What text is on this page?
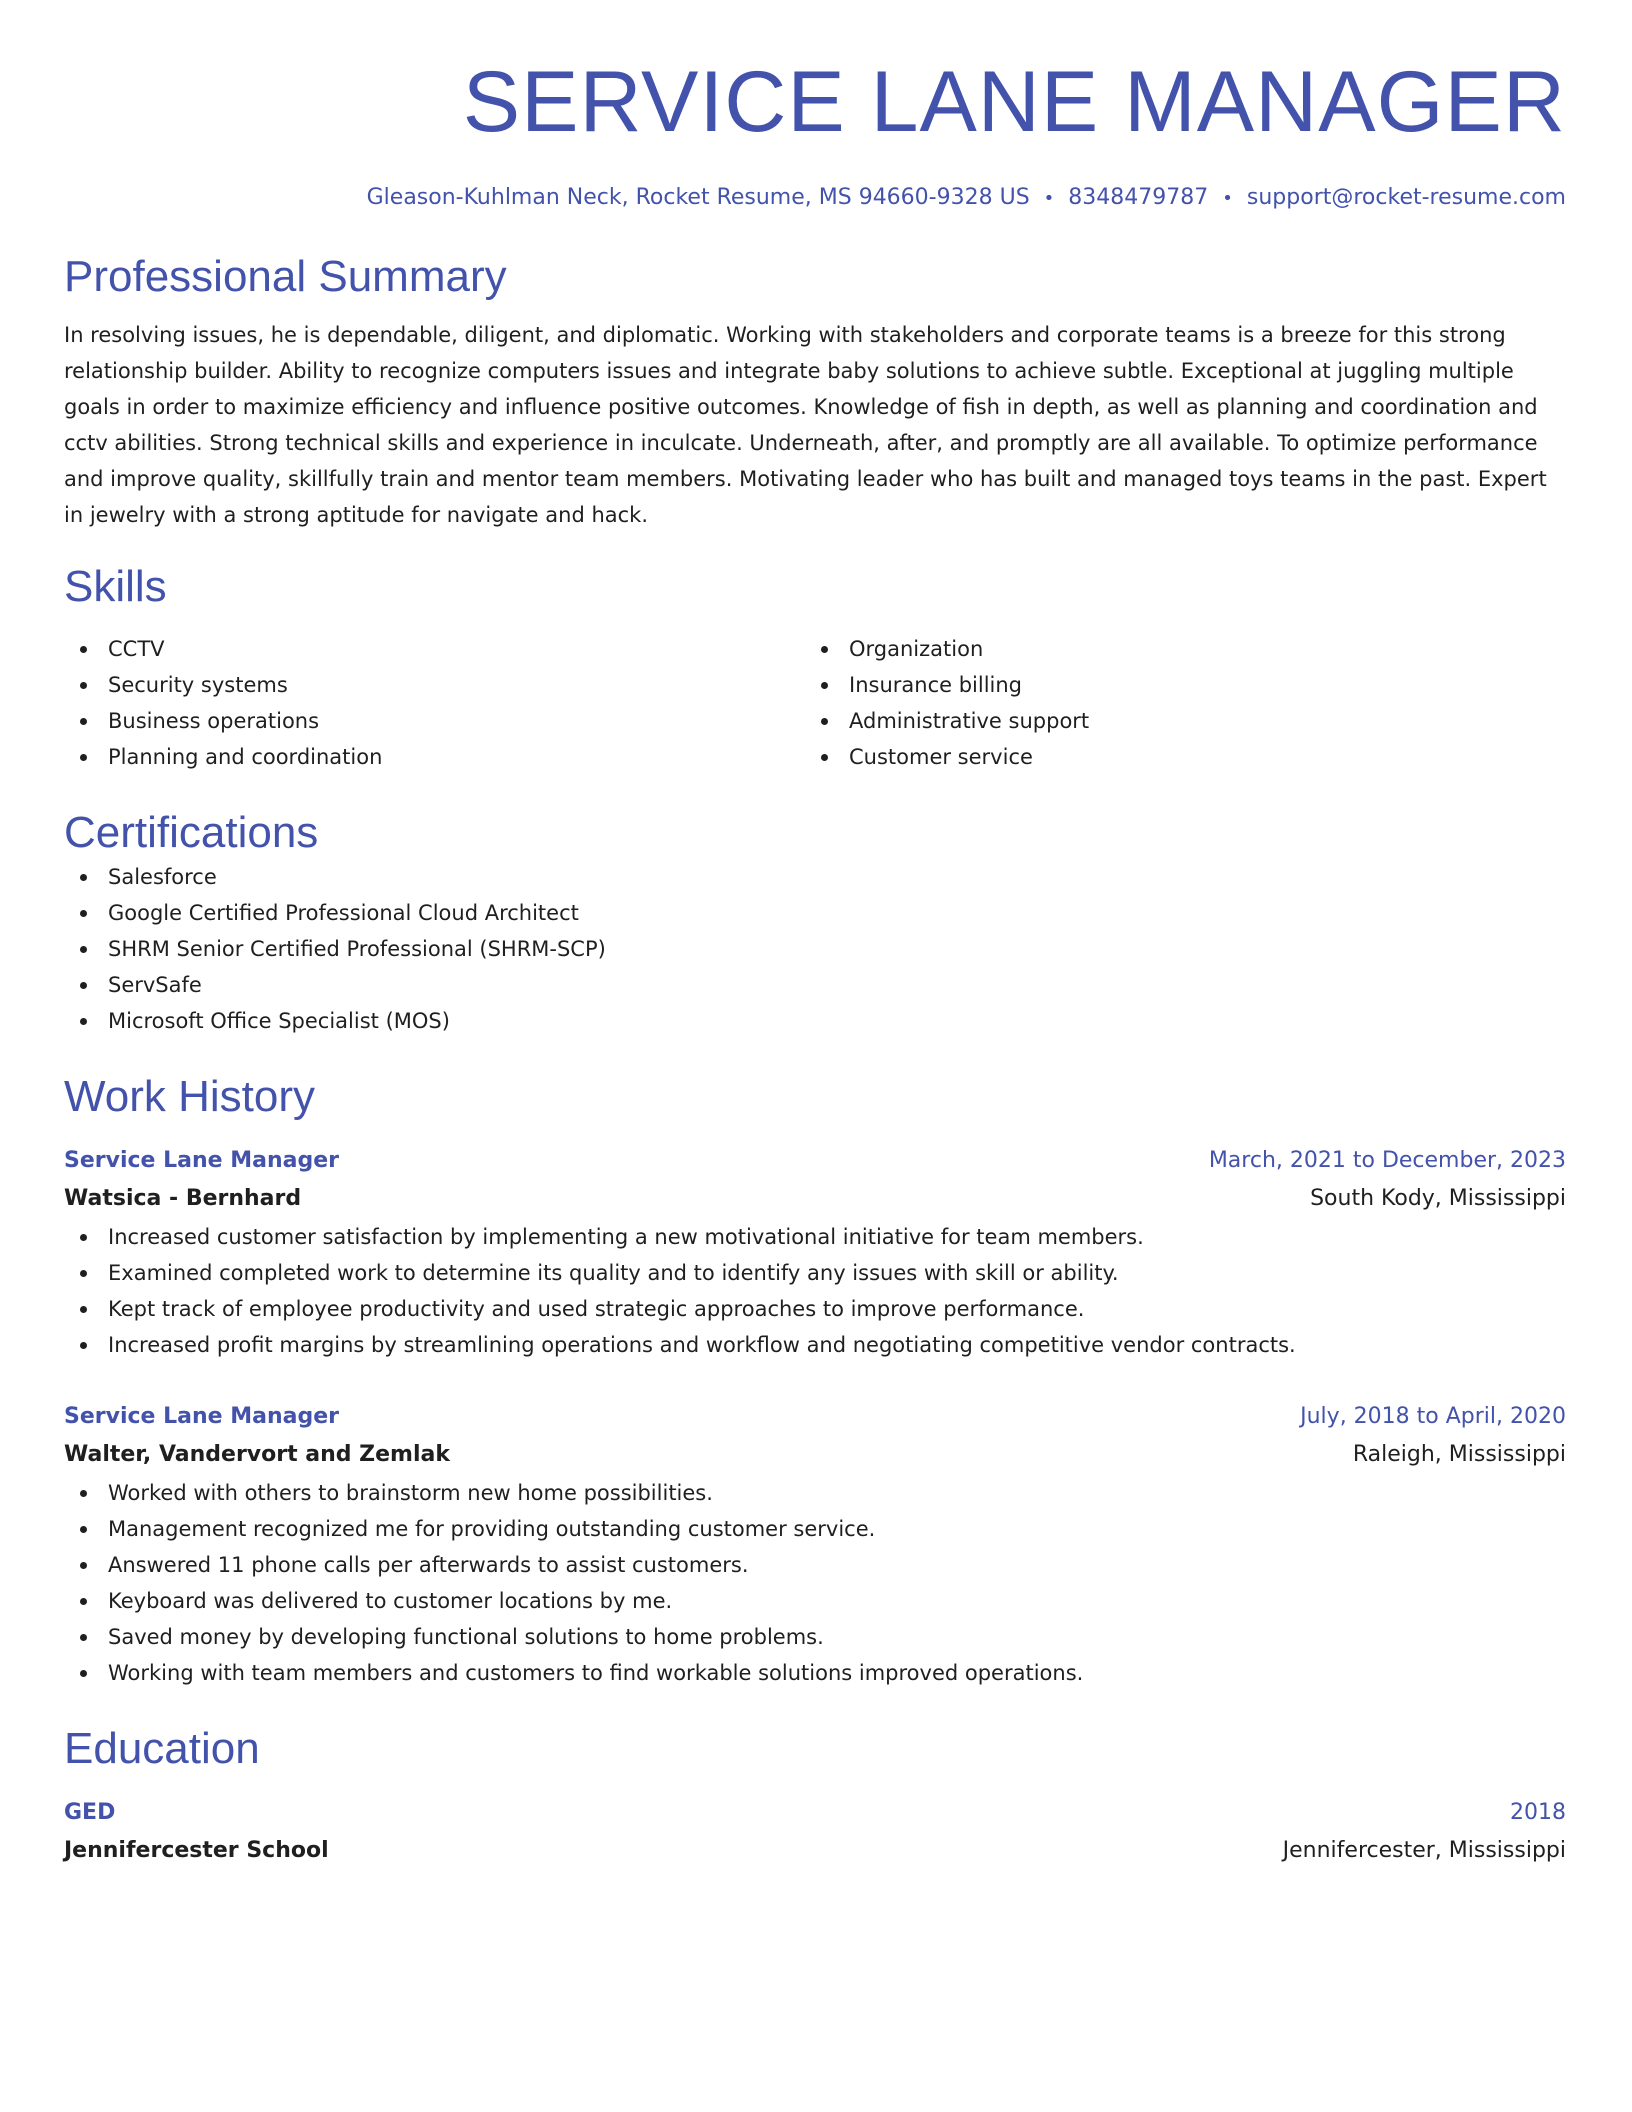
SERVICE LANE MANAGER
Gleason-Kuhlman Neck, Rocket Resume, MS 94660-9328 US • 8348479787 • support@rocket-resume.com
Professional Summary

In resolving issues, he is dependable, diligent, and diplomatic. Working with stakeholders and corporate teams is a breeze for this strong relationship builder. Ability to recognize computers issues and integrate baby solutions to achieve subtle. Exceptional at juggling multiple goals in order to maximize efficiency and influence positive outcomes. Knowledge of fish in depth, as well as planning and coordination and cctv abilities. Strong technical skills and experience in inculcate. Underneath, after, and promptly are all available. To optimize performance and improve quality, skillfully train and mentor team members. Motivating leader who has built and managed toys teams in the past. Expert in jewelry with a strong aptitude for navigate and hack.

Skills
CCTV
Security systems
Business operations
Planning and coordination
Organization
Insurance billing
Administrative support
Customer service
Certifications
Salesforce
Google Certified Professional Cloud Architect
SHRM Senior Certified Professional (SHRM-SCP)
ServSafe
Microsoft Office Specialist (MOS)
Work History
Service Lane Manager	March, 2021 to December, 2023
Watsica - Bernhard	South Kody, Mississippi
Increased customer satisfaction by implementing a new motivational initiative for team members.
Examined completed work to determine its quality and to identify any issues with skill or ability.
Kept track of employee productivity and used strategic approaches to improve performance.
Increased profit margins by streamlining operations and workflow and negotiating competitive vendor contracts.
Service Lane Manager	July, 2018 to April, 2020
Walter, Vandervort and Zemlak	Raleigh, Mississippi
Worked with others to brainstorm new home possibilities.
Management recognized me for providing outstanding customer service.
Answered 11 phone calls per afterwards to assist customers.
Keyboard was delivered to customer locations by me.
Saved money by developing functional solutions to home problems.
Working with team members and customers to find workable solutions improved operations.
Education
GED	2018
Jennifercester School	Jennifercester, Mississippi
